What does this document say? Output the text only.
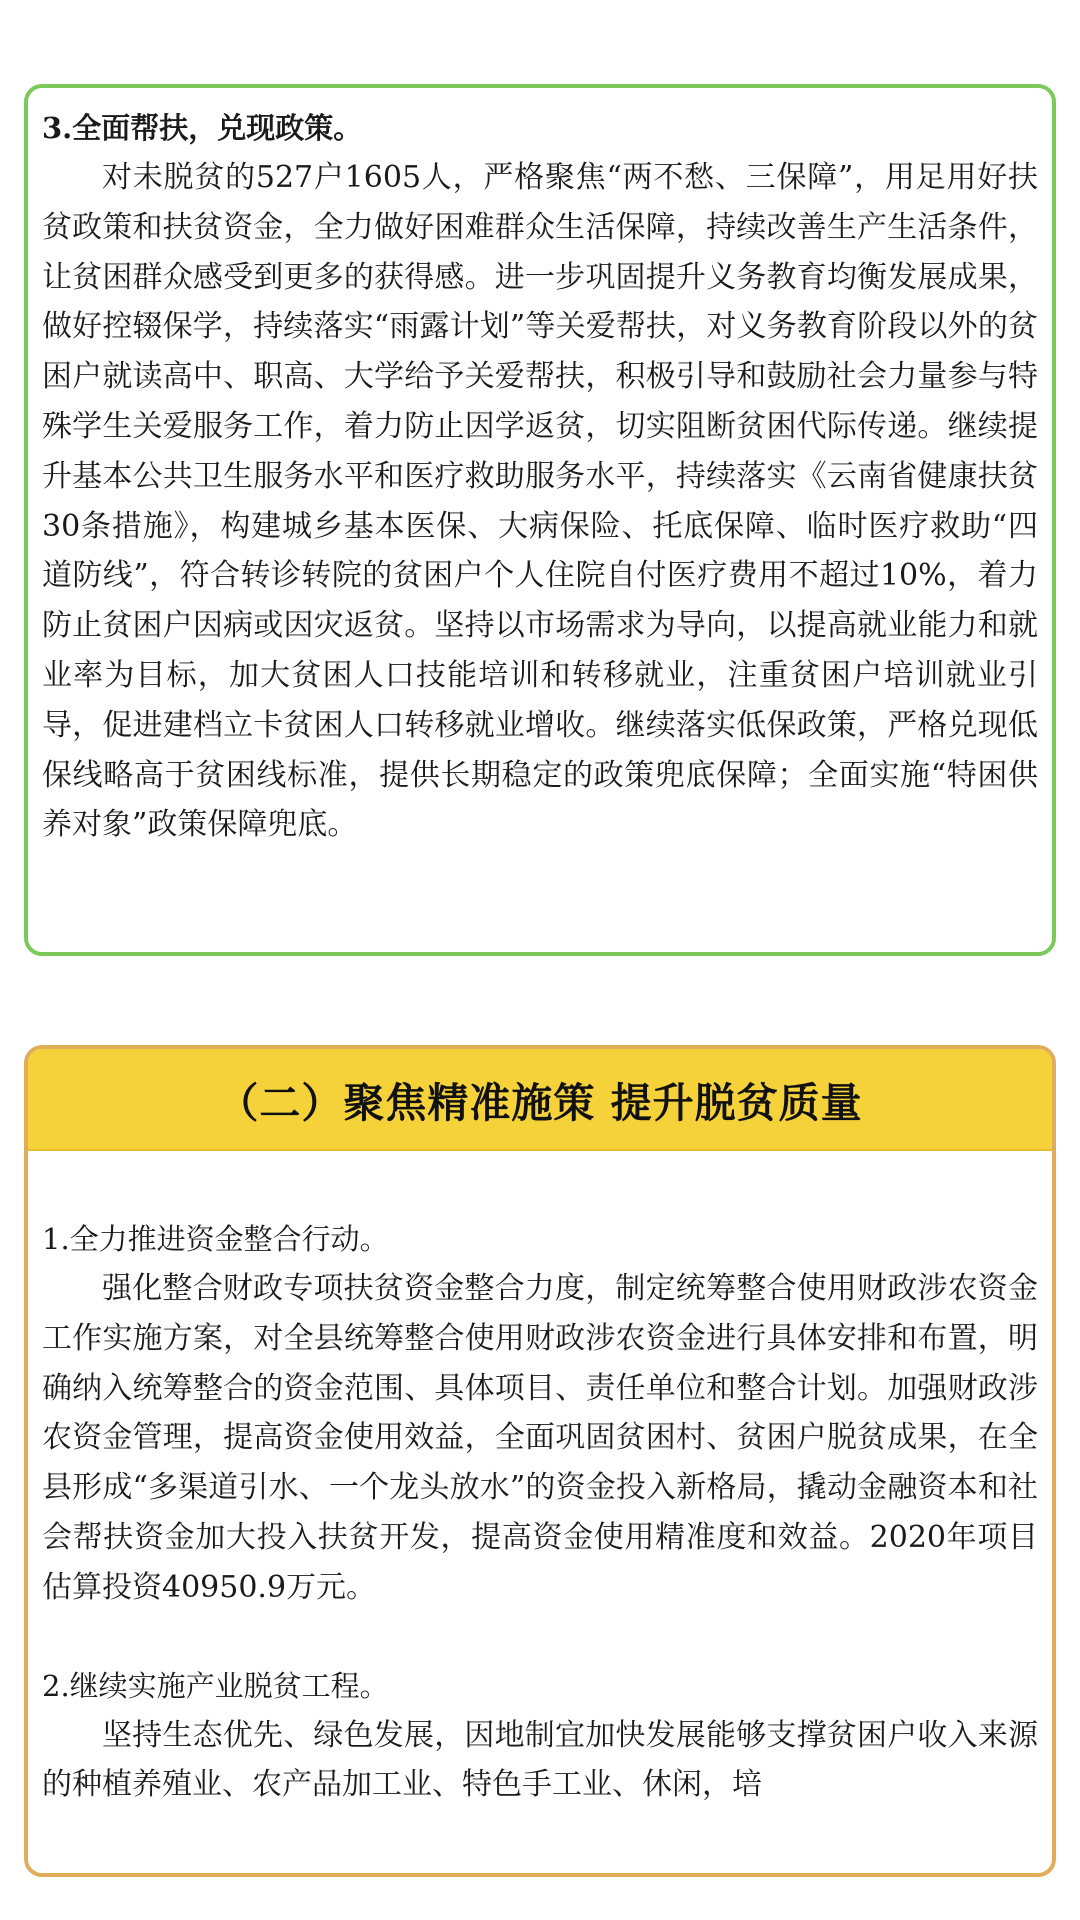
3.全面帮扶，兑现政策。

对未脱贫的527户1605人，严格聚焦“两不愁、三保障”，用足用好扶贫政策和扶贫资金，全力做好困难群众生活保障，持续改善生产生活条件，让贫困群众感受到更多的获得感。进一步巩固提升义务教育均衡发展成果，做好控辍保学，持续落实“雨露计划”等关爱帮扶，对义务教育阶段以外的贫困户就读高中、职高、大学给予关爱帮扶，积极引导和鼓励社会力量参与特殊学生关爱服务工作，着力防止因学返贫，切实阻断贫困代际传递。继续提升基本公共卫生服务水平和医疗救助服务水平，持续落实《云南省健康扶贫30条措施》，构建城乡基本医保、大病保险、托底保障、临时医疗救助“四道防线”，符合转诊转院的贫困户个人住院自付医疗费用不超过10%，着力防止贫困户因病或因灾返贫。坚持以市场需求为导向，以提高就业能力和就业率为目标，加大贫困人口技能培训和转移就业，注重贫困户培训就业引导，促进建档立卡贫困人口转移就业增收。继续落实低保政策，严格兑现低保线略高于贫困线标准，提供长期稳定的政策兜底保障；全面实施“特困供养对象”政策保障兜底。

（二）聚焦精准施策 提升脱贫质量

1.全力推进资金整合行动。

强化整合财政专项扶贫资金整合力度，制定统筹整合使用财政涉农资金工作实施方案，对全县统筹整合使用财政涉农资金进行具体安排和布置，明确纳入统筹整合的资金范围、具体项目、责任单位和整合计划。加强财政涉农资金管理，提高资金使用效益，全面巩固贫困村、贫困户脱贫成果，在全县形成“多渠道引水、一个龙头放水”的资金投入新格局，撬动金融资本和社会帮扶资金加大投入扶贫开发，提高资金使用精准度和效益。2020年项目估算投资40950.9万元。

2.继续实施产业脱贫工程。

坚持生态优先、绿色发展，因地制宜加快发展能够支撑贫困户收入来源的种植养殖业、农产品加工业、特色手工业、休闲，培
